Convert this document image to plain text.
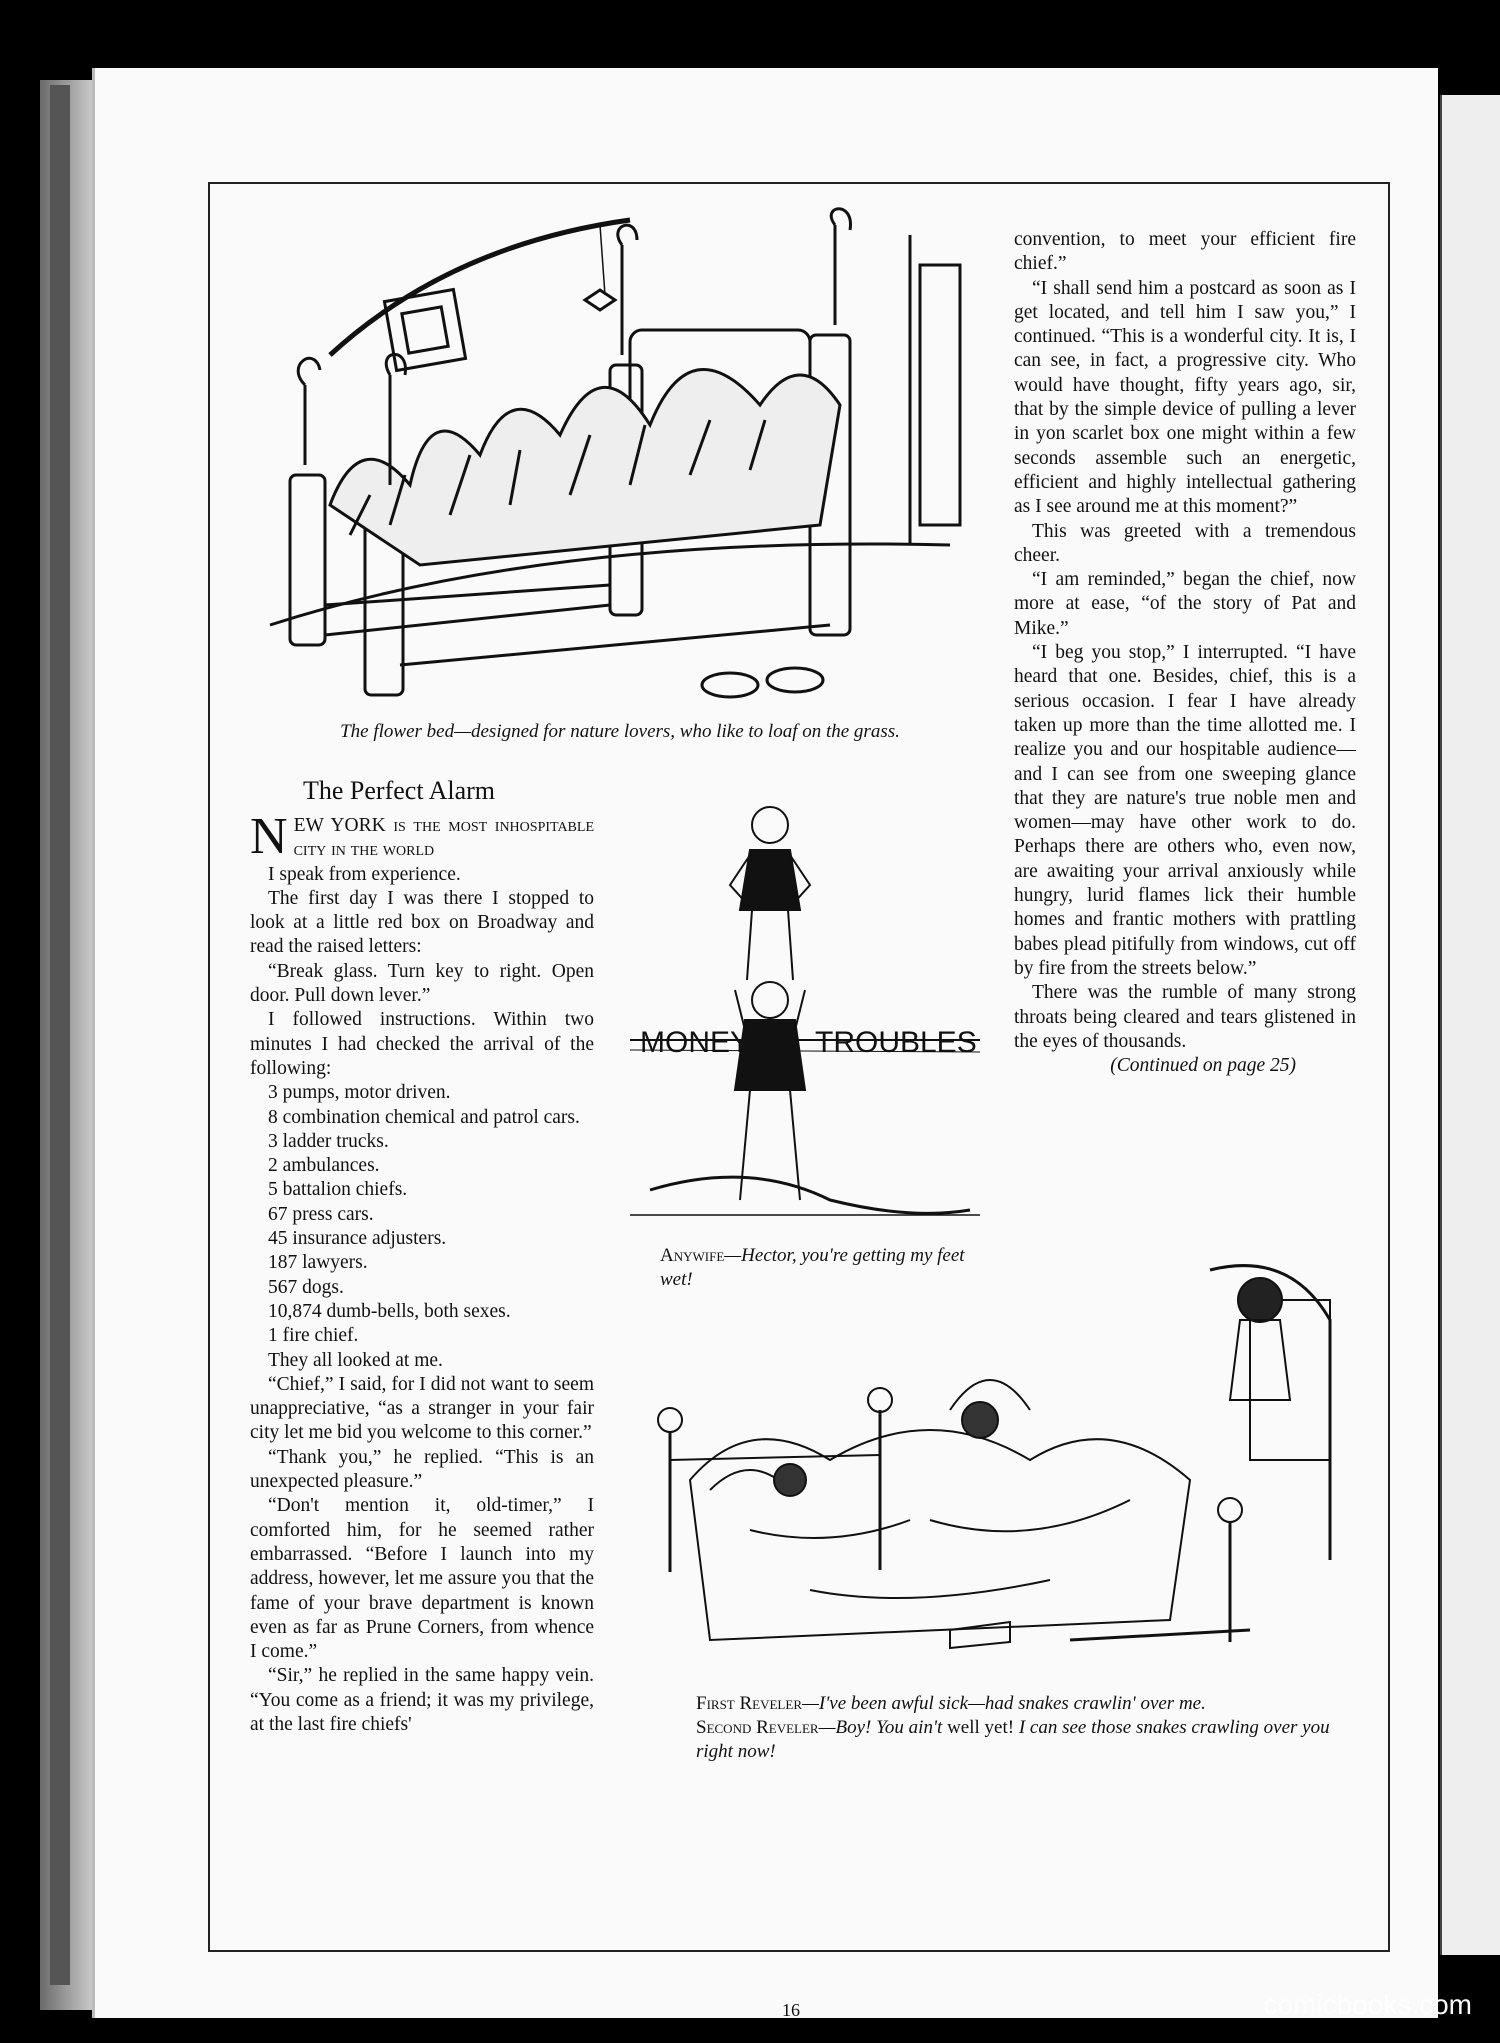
The flower bed—designed for nature lovers, who like to loaf on the grass.
The Perfect Alarm

NEW YORK is the most inhospitable city in the world

I speak from experience.

The first day I was there I stopped to look at a little red box on Broadway and read the raised letters:

“Break glass. Turn key to right. Open door. Pull down lever.”

I followed instructions. Within two minutes I had checked the arrival of the following:

3 pumps, motor driven.

8 combination chemical and patrol cars.

3 ladder trucks.

2 ambulances.

5 battalion chiefs.

67 press cars.

45 insurance adjusters.

187 lawyers.

567 dogs.

10,874 dumb-bells, both sexes.

1 fire chief.

They all looked at me.

“Chief,” I said, for I did not want to seem unappreciative, “as a stranger in your fair city let me bid you welcome to this corner.”

“Thank you,” he replied. “This is an unexpected pleasure.”

“Don't mention it, old-timer,” I comforted him, for he seemed rather embarrassed. “Before I launch into my address, however, let me assure you that the fame of your brave department is known even as far as Prune Corners, from whence I come.”

“Sir,” he replied in the same happy vein. “You come as a friend; it was my privilege, at the last fire chiefs'

MONEY TROUBLES
Anywife—Hector, you're getting my feet wet!

convention, to meet your efficient fire chief.”

“I shall send him a postcard as soon as I get located, and tell him I saw you,” I continued. “This is a wonderful city. It is, I can see, in fact, a progressive city. Who would have thought, fifty years ago, sir, that by the simple device of pulling a lever in yon scarlet box one might within a few seconds assemble such an energetic, efficient and highly intellectual gathering as I see around me at this moment?”

This was greeted with a tremendous cheer.

“I am reminded,” began the chief, now more at ease, “of the story of Pat and Mike.”

“I beg you stop,” I interrupted. “I have heard that one. Besides, chief, this is a serious occasion. I fear I have already taken up more than the time allotted me. I realize you and our hospitable audience—and I can see from one sweeping glance that they are nature's true noble men and women—may have other work to do. Perhaps there are others who, even now, are awaiting your arrival anxiously while hungry, lurid flames lick their humble homes and frantic mothers with prattling babes plead pitifully from windows, cut off by fire from the streets below.”

There was the rumble of many strong throats being cleared and tears glistened in the eyes of thousands.

(Continued on page 25)

First Reveler—I've been awful sick—had snakes crawlin' over me.
Second Reveler—Boy! You ain't well yet! I can see those snakes crawling over you right now!
16	comicbooks.com
